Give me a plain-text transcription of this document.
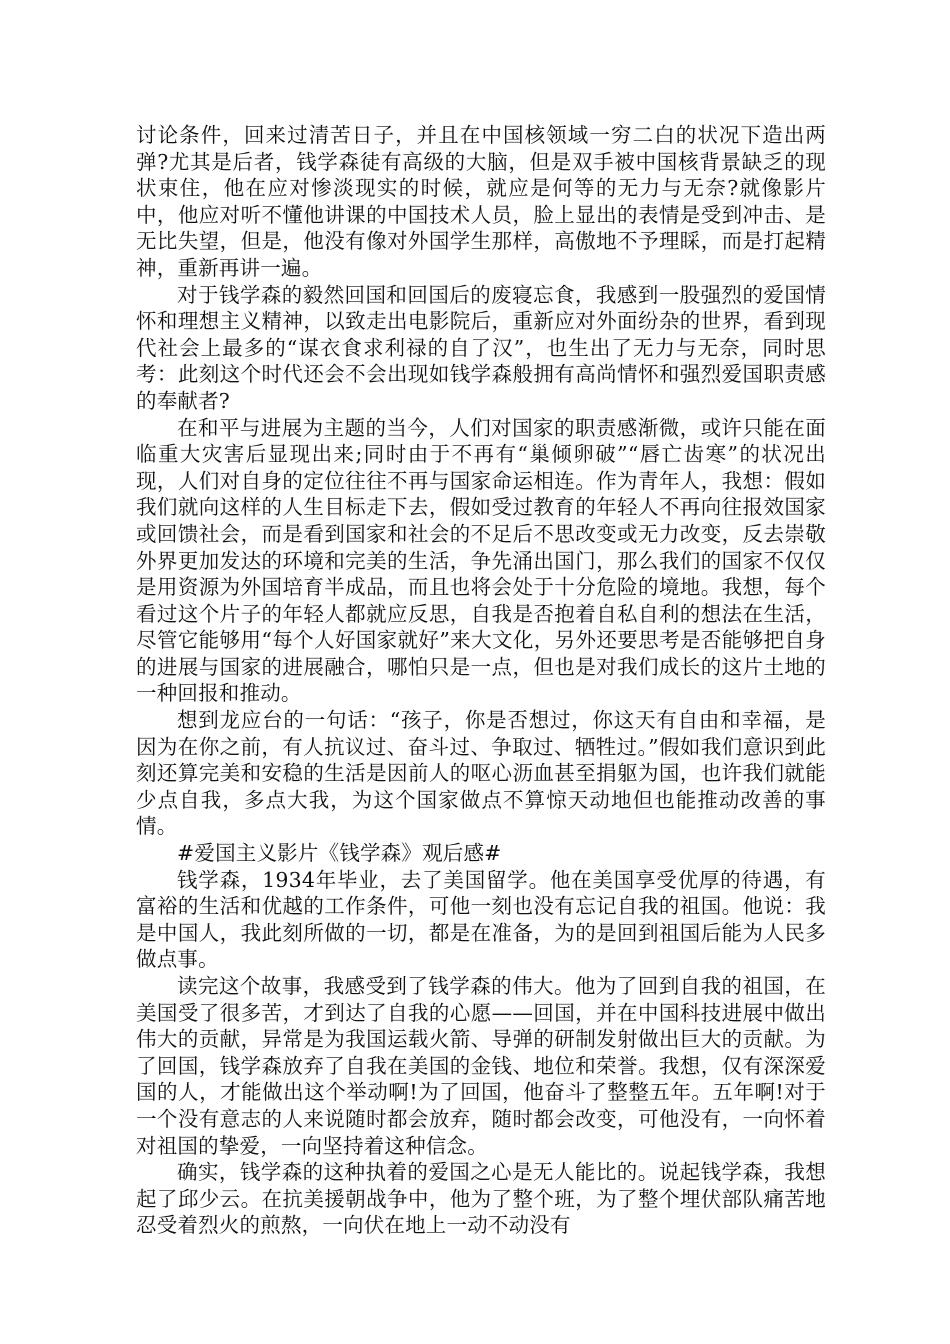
讨论条件，回来过清苦日子，并且在中国核领域一穷二白的状况下造出两弹?尤其是后者，钱学森徒有高级的大脑，但是双手被中国核背景缺乏的现状束住，他在应对惨淡现实的时候，就应是何等的无力与无奈?就像影片中，他应对听不懂他讲课的中国技术人员，脸上显出的表情是受到冲击、是无比失望，但是，他没有像对外国学生那样，高傲地不予理睬，而是打起精神，重新再讲一遍。

对于钱学森的毅然回国和回国后的废寝忘食，我感到一股强烈的爱国情怀和理想主义精神，以致走出电影院后，重新应对外面纷杂的世界，看到现代社会上最多的“谋衣食求利禄的自了汉”，也生出了无力与无奈，同时思考：此刻这个时代还会不会出现如钱学森般拥有高尚情怀和强烈爱国职责感的奉献者?

在和平与进展为主题的当今，人们对国家的职责感渐微，或许只能在面临重大灾害后显现出来;同时由于不再有“巢倾卵破”“唇亡齿寒”的状况出现，人们对自身的定位往往不再与国家命运相连。作为青年人，我想：假如我们就向这样的人生目标走下去，假如受过教育的年轻人不再向往报效国家或回馈社会，而是看到国家和社会的不足后不思改变或无力改变，反去崇敬外界更加发达的环境和完美的生活，争先涌出国门，那么我们的国家不仅仅是用资源为外国培育半成品，而且也将会处于十分危险的境地。我想，每个看过这个片子的年轻人都就应反思，自我是否抱着自私自利的想法在生活，尽管它能够用“每个人好国家就好”来大文化，另外还要思考是否能够把自身的进展与国家的进展融合，哪怕只是一点，但也是对我们成长的这片土地的一种回报和推动。

想到龙应台的一句话：“孩子，你是否想过，你这天有自由和幸福，是因为在你之前，有人抗议过、奋斗过、争取过、牺牲过。”假如我们意识到此刻还算完美和安稳的生活是因前人的呕心沥血甚至捐躯为国，也许我们就能少点自我，多点大我，为这个国家做点不算惊天动地但也能推动改善的事情。

#爱国主义影片《钱学森》观后感#

钱学森，1934年毕业，去了美国留学。他在美国享受优厚的待遇，有富裕的生活和优越的工作条件，可他一刻也没有忘记自我的祖国。他说：我是中国人，我此刻所做的一切，都是在准备，为的是回到祖国后能为人民多做点事。

读完这个故事，我感受到了钱学森的伟大。他为了回到自我的祖国，在美国受了很多苦，才到达了自我的心愿——回国，并在中国科技进展中做出伟大的贡献，异常是为我国运载火箭、导弹的研制发射做出巨大的贡献。为了回国，钱学森放弃了自我在美国的金钱、地位和荣誉。我想，仅有深深爱国的人，才能做出这个举动啊!为了回国，他奋斗了整整五年。五年啊!对于一个没有意志的人来说随时都会放弃，随时都会改变，可他没有，一向怀着对祖国的挚爱，一向坚持着这种信念。

确实，钱学森的这种执着的爱国之心是无人能比的。说起钱学森，我想起了邱少云。在抗美援朝战争中，他为了整个班，为了整个埋伏部队痛苦地忍受着烈火的煎熬，一向伏在地上一动不动没有
